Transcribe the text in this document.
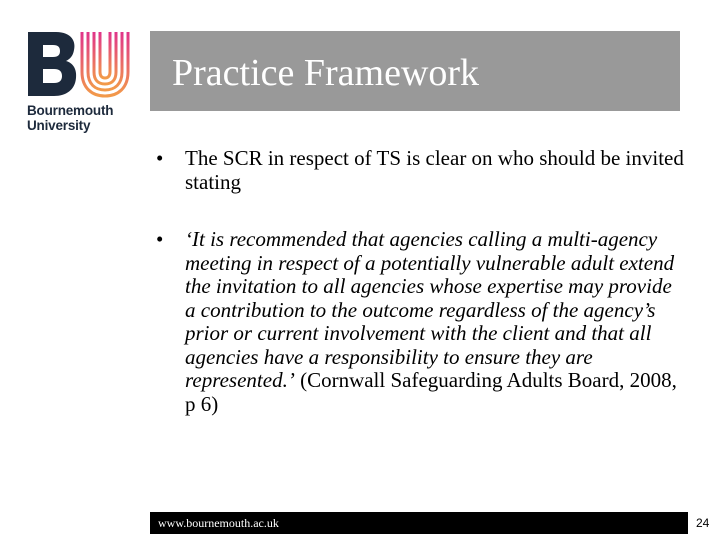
Bournemouth
University
Practice Framework
• The SCR in respect of TS is clear on who should be invited stating
• ‘It is recommended that agencies calling a multi-agency meeting in respect of a potentially vulnerable adult extend the invitation to all agencies whose expertise may provide a contribution to the outcome regardless of the agency’s prior or current involvement with the client and that all agencies have a responsibility to ensure they are represented.’ (Cornwall Safeguarding Adults Board, 2008, p 6)
www.bournemouth.ac.uk	24
